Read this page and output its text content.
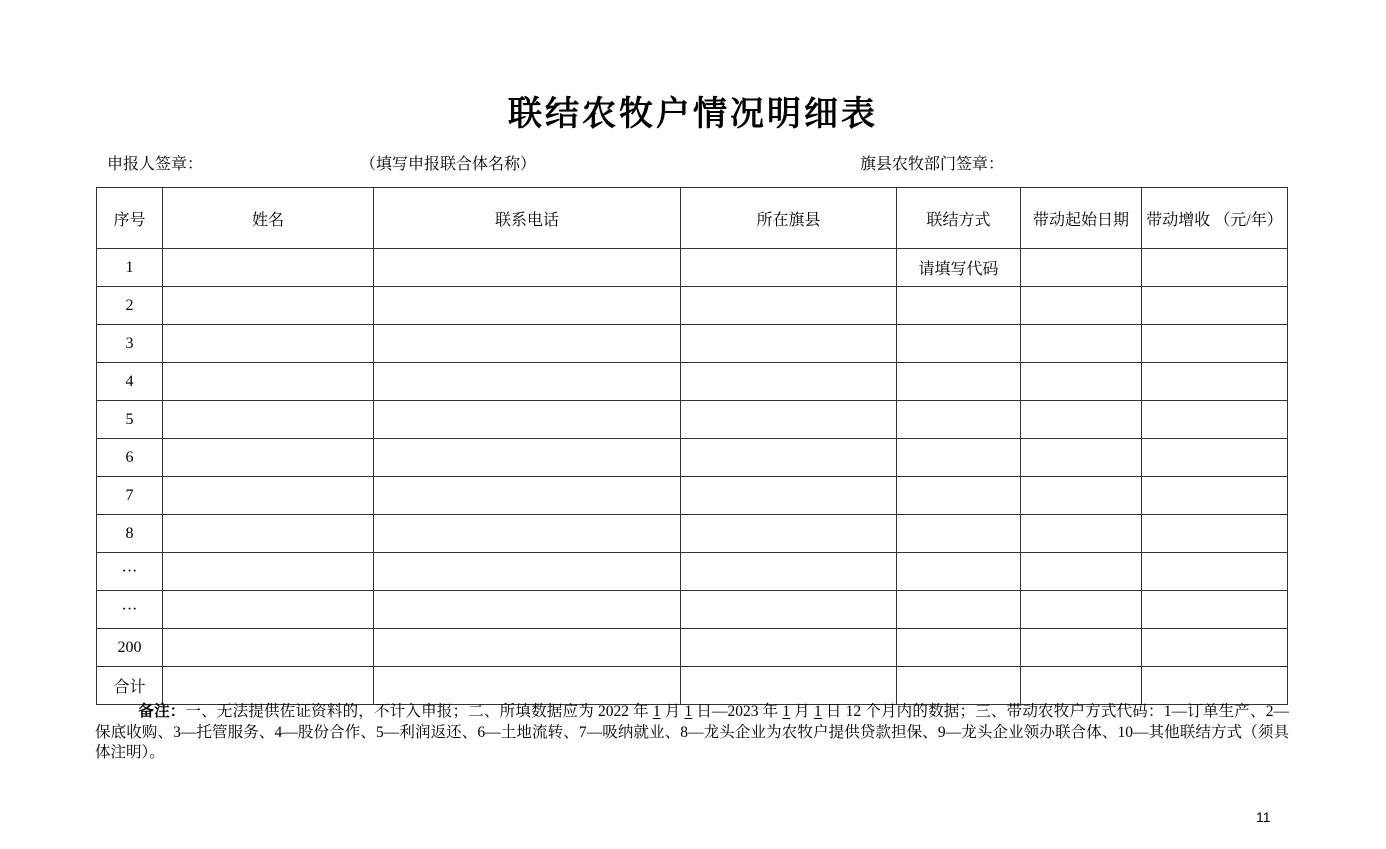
联结农牧户情况明细表
申报人签章：	（填写申报联合体名称）	旗县农牧部门签章：
序号	姓名	联系电话	所在旗县	联结方式	带动起始日期	带动增收 （元/年）
1				请填写代码		
2						
3						
4						
5						
6						
7						
8						
···						
···						
200						
合计						
备注：一、无法提供佐证资料的，不计入申报；二、所填数据应为 2022 年 1 月 1 日—2023 年 1 月 1 日 12 个月内的数据；三、带动农牧户方式代码：1—订单生产、2—保底收购、3—托管服务、4—股份合作、5—利润返还、6—土地流转、7—吸纳就业、8—龙头企业为农牧户提供贷款担保、9—龙头企业领办联合体、10—其他联结方式（须具体注明）。
11
